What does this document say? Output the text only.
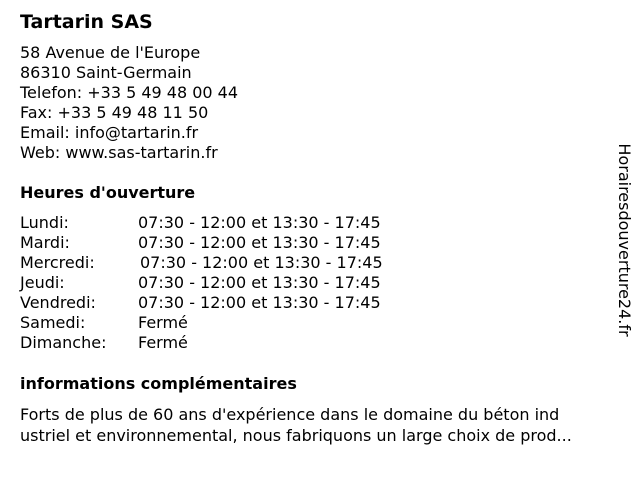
Tartarin SAS
58 Avenue de l'Europe
86310 Saint-Germain
Telefon: +33 5 49 48 00 44
Fax: +33 5 49 48 11 50
Email: info@tartarin.fr
Web: www.sas-tartarin.fr
Heures d'ouverture
Lundi:	07:30 - 12:00 et 13:30 - 17:45
Mardi:	07:30 - 12:00 et 13:30 - 17:45
Mercredi:	07:30 - 12:00 et 13:30 - 17:45
Jeudi:	07:30 - 12:00 et 13:30 - 17:45
Vendredi:	07:30 - 12:00 et 13:30 - 17:45
Samedi:	Fermé
Dimanche: Fermé
informations complémentaires
Forts de plus de 60 ans d'expérience dans le domaine du béton ind
ustriel et environnemental, nous fabriquons un large choix de prod...
Horairesdouverture24.fr
